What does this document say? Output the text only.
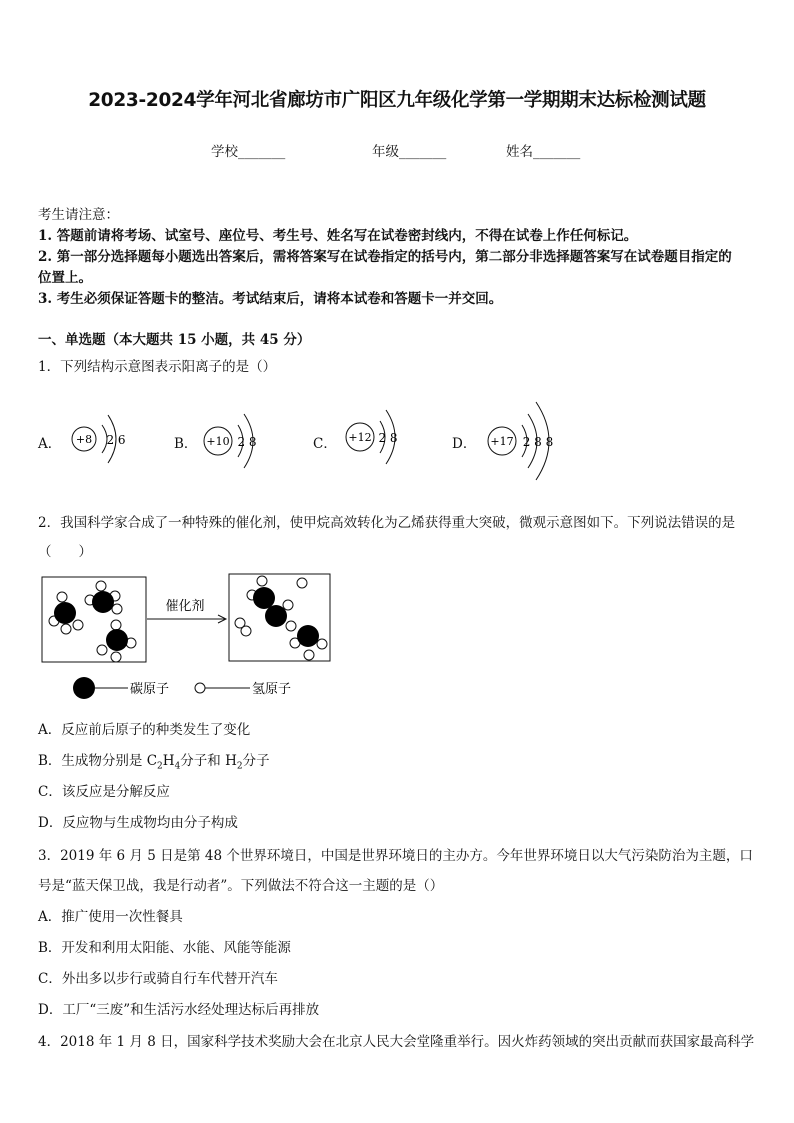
2023-2024学年河北省廊坊市广阳区九年级化学第一学期期末达标检测试题
学校_______	年级_______	姓名_______
考生请注意：
1. 答题前请将考场、试室号、座位号、考生号、姓名写在试卷密封线内，不得在试卷上作任何标记。
2. 第一部分选择题每小题选出答案后，需将答案写在试卷指定的括号内，第二部分非选择题答案写在试卷题目指定的
位置上。
3. 考生必须保证答题卡的整洁。考试结束后，请将本试卷和答题卡一并交回。
一、单选题（本大题共 15 小题，共 45 分）
1．下列结构示意图表示阳离子的是（）
A． +8 2 6	B． +10 2 8	C． +12 2 8	D． +17 2 8 8
2．我国科学家合成了一种特殊的催化剂，使甲烷高效转化为乙烯获得重大突破，微观示意图如下。下列说法错误的是
（　　）
催化剂
碳原子	氢原子
A．反应前后原子的种类发生了变化
B．生成物分别是 $C_2H_4$分子和 $H_2$分子
C．该反应是分解反应
D．反应物与生成物均由分子构成
3．2019 年 6 月 5 日是第 48 个世界环境日，中国是世界环境日的主办方。今年世界环境日以大气污染防治为主题，口
号是“蓝天保卫战，我是行动者”。下列做法不符合这一主题的是（）
A．推广使用一次性餐具
B．开发和利用太阳能、水能、风能等能源
C．外出多以步行或骑自行车代替开汽车
D．工厂“三废”和生活污水经处理达标后再排放
4．2018 年 1 月 8 日，国家科学技术奖励大会在北京人民大会堂隆重举行。因火炸药领域的突出贡献而获国家最高科学
